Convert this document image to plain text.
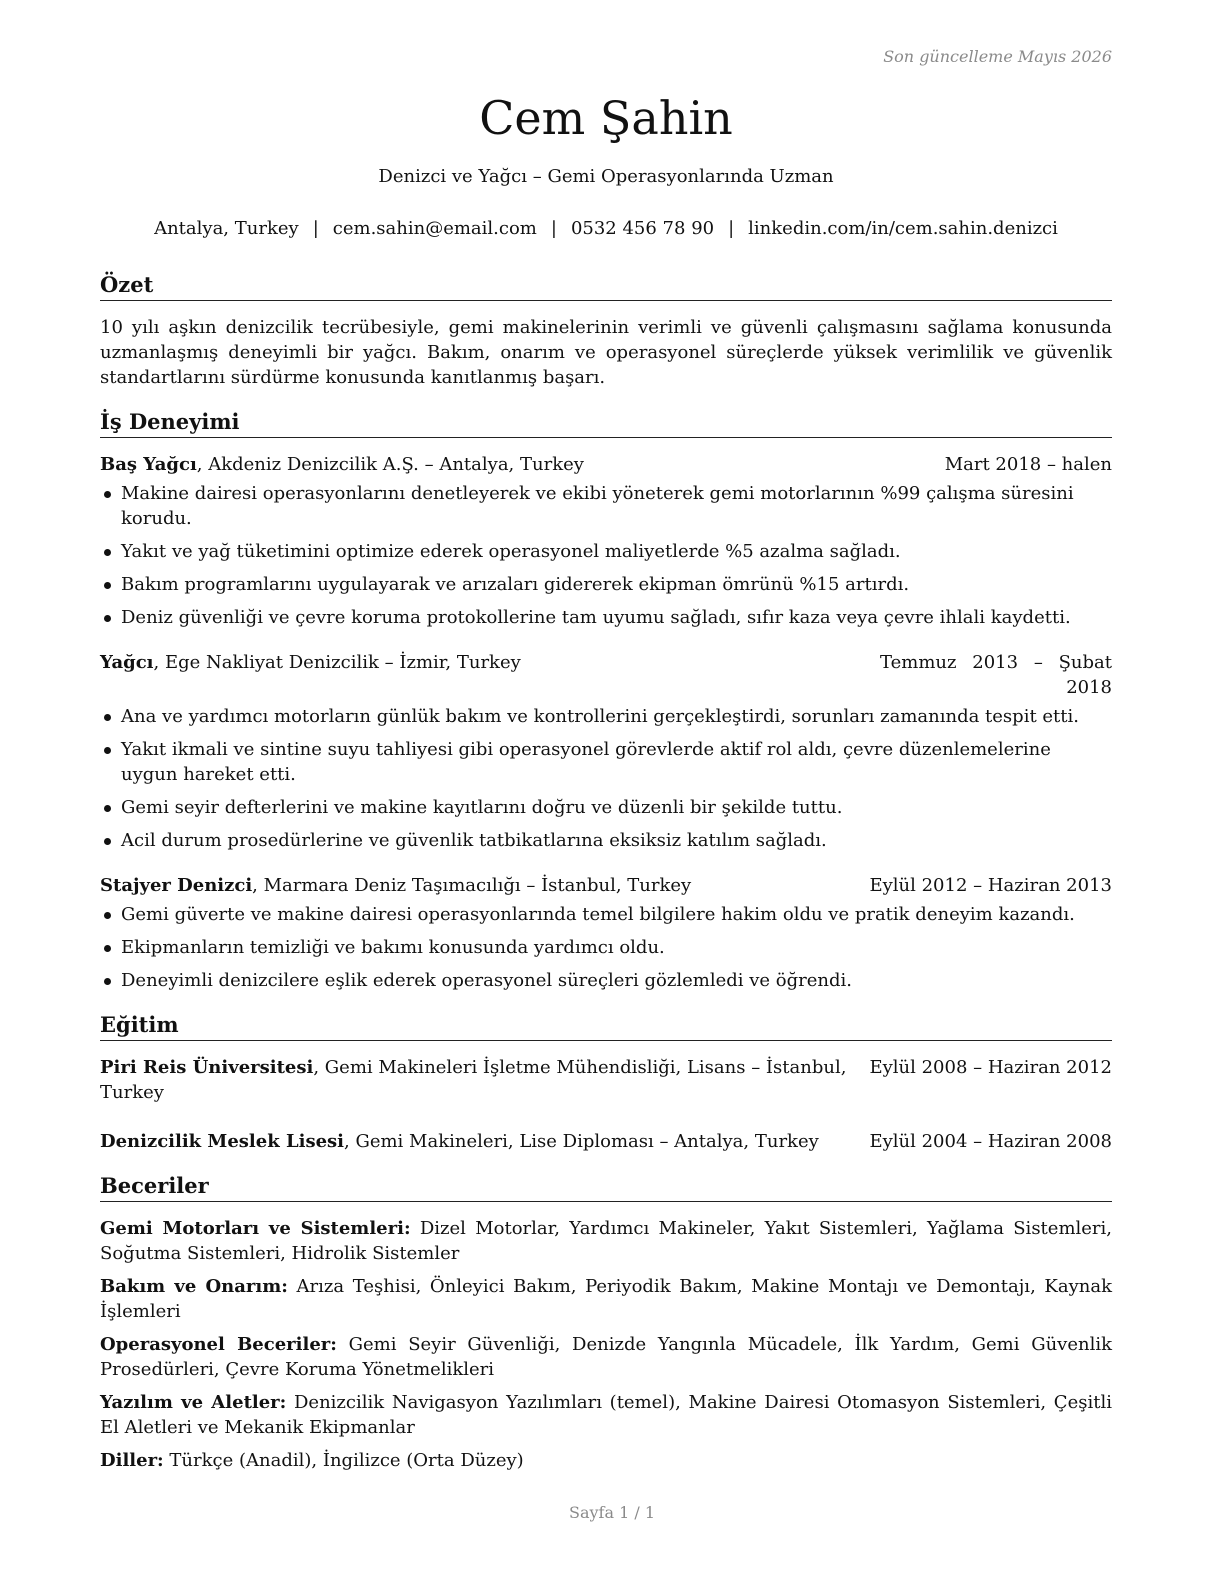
Son güncelleme Mayıs 2026
Cem Şahin
Denizci ve Yağcı – Gemi Operasyonlarında Uzman
Antalya, Turkey | cem.sahin@email.com | 0532 456 78 90 | linkedin.com/in/cem.sahin.denizci
Özet

10 yılı aşkın denizcilik tecrübesiyle, gemi makinelerinin verimli ve güvenli çalışmasını sağlama konusunda uzmanlaşmış deneyimli bir yağcı. Bakım, onarım ve operasyonel süreçlerde yüksek verimlilik ve güvenlik standartlarını sürdürme konusunda kanıtlanmış başarı.

İş Deneyimi
Baş Yağcı, Akdeniz Denizcilik A.Ş. – Antalya, Turkey	Mart 2018 – halen
Makine dairesi operasyonlarını denetleyerek ve ekibi yöneterek gemi motorlarının %99 çalışma süresini korudu.
Yakıt ve yağ tüketimini optimize ederek operasyonel maliyetlerde %5 azalma sağladı.
Bakım programlarını uygulayarak ve arızaları gidererek ekipman ömrünü %15 artırdı.
Deniz güvenliği ve çevre koruma protokollerine tam uyumu sağladı, sıfır kaza veya çevre ihlali kaydetti.
Yağcı, Ege Nakliyat Denizcilik – İzmir, Turkey	Temmuz 2013 – Şubat 2018
Ana ve yardımcı motorların günlük bakım ve kontrollerini gerçekleştirdi, sorunları zamanında tespit etti.
Yakıt ikmali ve sintine suyu tahliyesi gibi operasyonel görevlerde aktif rol aldı, çevre düzenlemelerine uygun hareket etti.
Gemi seyir defterlerini ve makine kayıtlarını doğru ve düzenli bir şekilde tuttu.
Acil durum prosedürlerine ve güvenlik tatbikatlarına eksiksiz katılım sağladı.
Stajyer Denizci, Marmara Deniz Taşımacılığı – İstanbul, Turkey	Eylül 2012 – Haziran 2013
Gemi güverte ve makine dairesi operasyonlarında temel bilgilere hakim oldu ve pratik deneyim kazandı.
Ekipmanların temizliği ve bakımı konusunda yardımcı oldu.
Deneyimli denizcilere eşlik ederek operasyonel süreçleri gözlemledi ve öğrendi.
Eğitim
Piri Reis Üniversitesi, Gemi Makineleri İşletme Mühendisliği, Lisans – İstanbul, Turkey
Eylül 2008 – Haziran 2012
Denizcilik Meslek Lisesi, Gemi Makineleri, Lise Diploması – Antalya, Turkey	Eylül 2004 – Haziran 2008
Beceriler
Gemi Motorları ve Sistemleri: Dizel Motorlar, Yardımcı Makineler, Yakıt Sistemleri, Yağlama Sistemleri, Soğutma Sistemleri, Hidrolik Sistemler
Bakım ve Onarım: Arıza Teşhisi, Önleyici Bakım, Periyodik Bakım, Makine Montajı ve Demontajı, Kaynak İşlemleri
Operasyonel Beceriler: Gemi Seyir Güvenliği, Denizde Yangınla Mücadele, İlk Yardım, Gemi Güvenlik Prosedürleri, Çevre Koruma Yönetmelikleri
Yazılım ve Aletler: Denizcilik Navigasyon Yazılımları (temel), Makine Dairesi Otomasyon Sistemleri, Çeşitli El Aletleri ve Mekanik Ekipmanlar
Diller: Türkçe (Anadil), İngilizce (Orta Düzey)
Sayfa 1 / 1
